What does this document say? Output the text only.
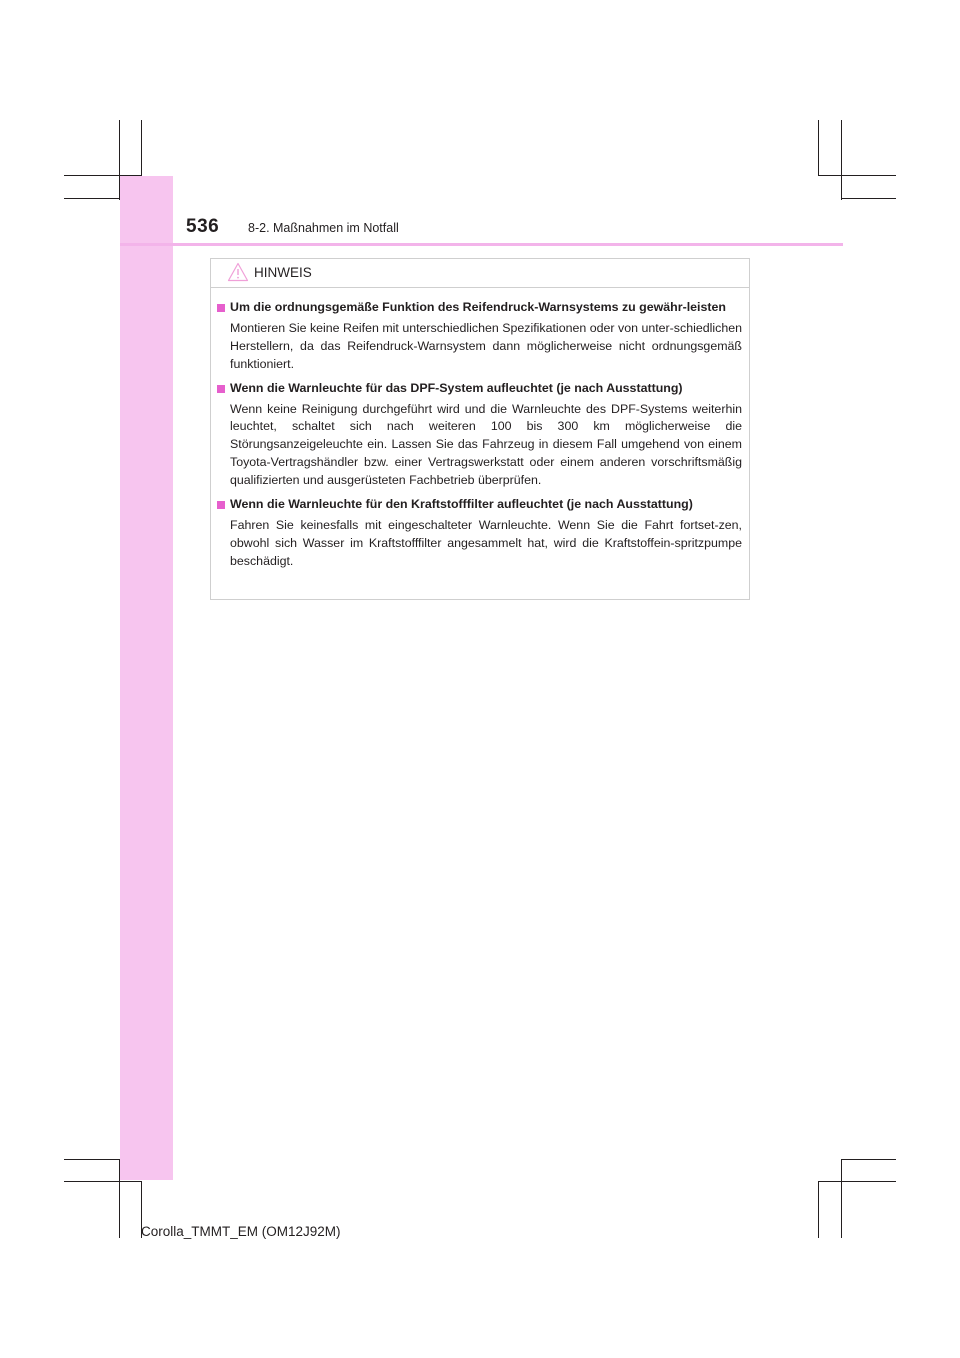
536 8-2. Maßnahmen im Notfall
HINWEIS
Um die ordnungsgemäße Funktion des Reifendruck-Warnsystems zu gewähr-leisten
Montieren Sie keine Reifen mit unterschiedlichen Spezifikationen oder von unter-schiedlichen Herstellern, da das Reifendruck-Warnsystem dann möglicherweise nicht ordnungsgemäß funktioniert.
Wenn die Warnleuchte für das DPF-System aufleuchtet (je nach Ausstattung)
Wenn keine Reinigung durchgeführt wird und die Warnleuchte des DPF-Systems weiterhin leuchtet, schaltet sich nach weiteren 100 bis 300 km möglicherweise die Störungsanzeigeleuchte ein. Lassen Sie das Fahrzeug in diesem Fall umgehend von einem Toyota-Vertragshändler bzw. einer Vertragswerkstatt oder einem anderen vorschriftsmäßig qualifizierten und ausgerüsteten Fachbetrieb überprüfen.
Wenn die Warnleuchte für den Kraftstofffilter aufleuchtet (je nach Ausstattung)
Fahren Sie keinesfalls mit eingeschalteter Warnleuchte. Wenn Sie die Fahrt fortset-zen, obwohl sich Wasser im Kraftstofffilter angesammelt hat, wird die Kraftstoffein-spritzpumpe beschädigt.
Corolla_TMMT_EM (OM12J92M)
